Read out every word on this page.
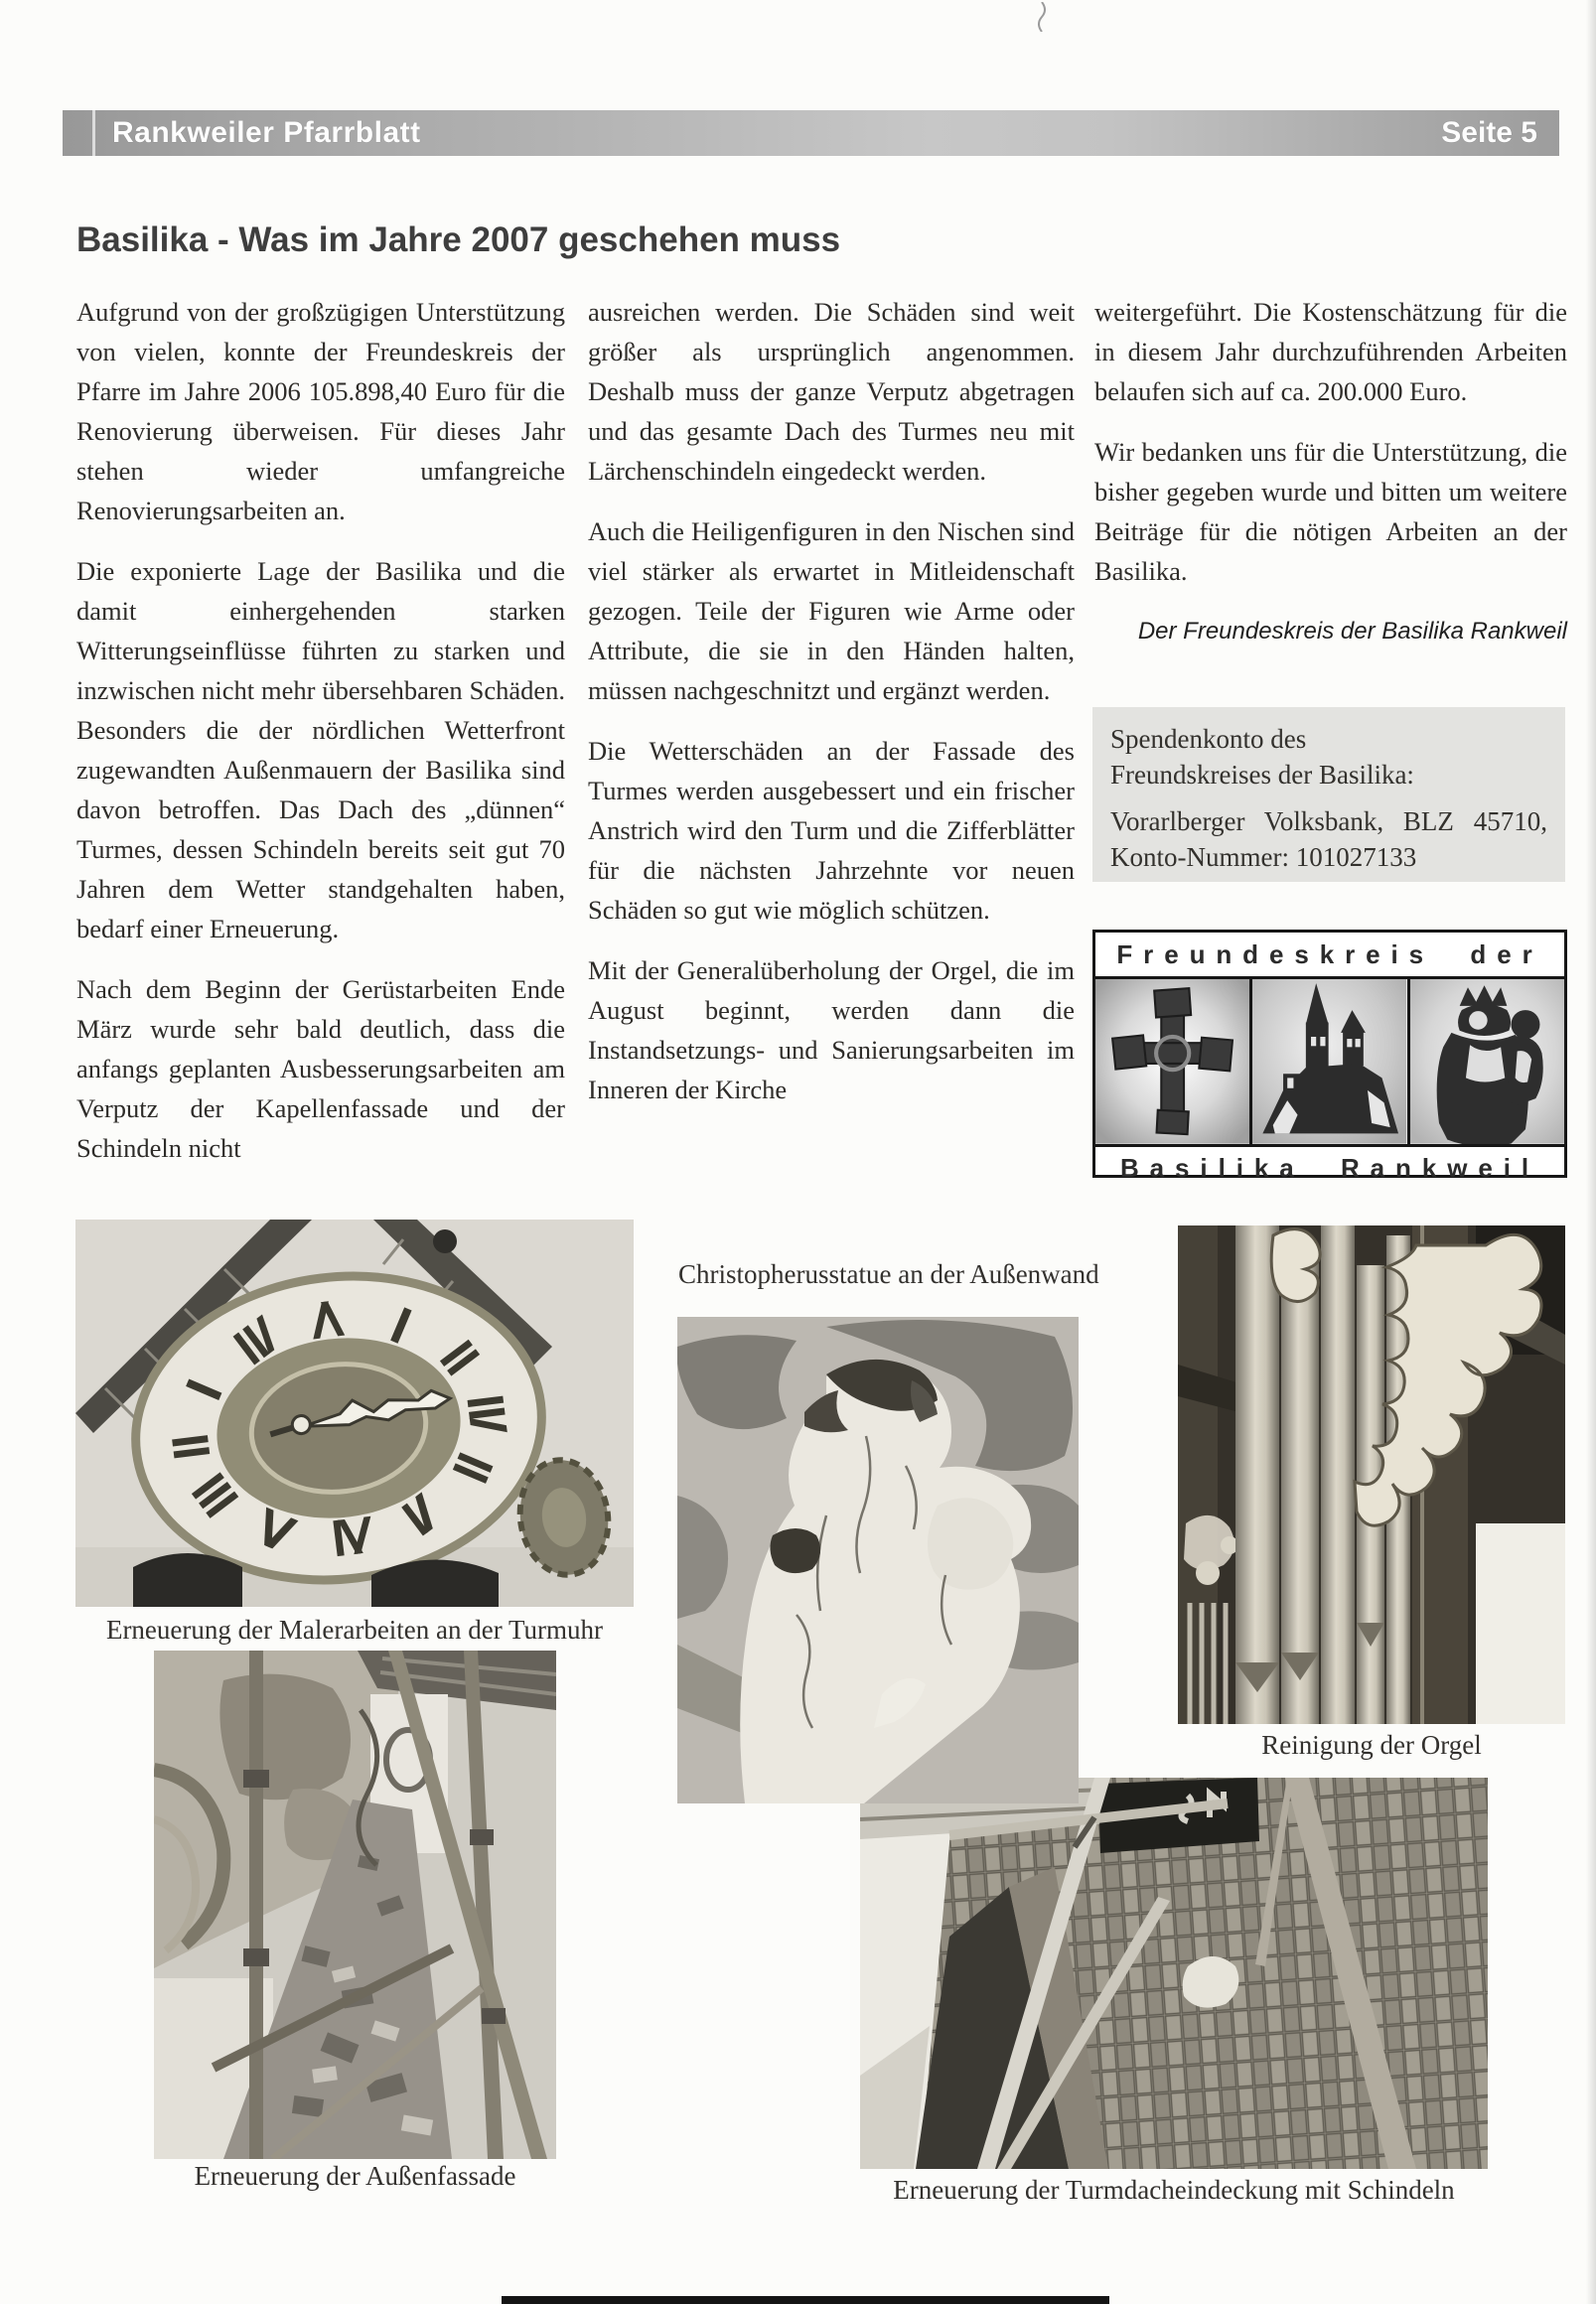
Rankweiler Pfarrblatt	Seite 5
Basilika - Was im Jahre 2007 geschehen muss

Aufgrund von der großzügigen Unterstützung von vielen, konnte der Freundeskreis der Pfarre im Jahre 2006 105.898,40 Euro für die Renovierung überweisen. Für dieses Jahr stehen wieder umfangreiche Renovierungsarbeiten an.

Die exponierte Lage der Basilika und die damit einhergehenden starken Witterungseinflüsse führten zu starken und inzwischen nicht mehr übersehbaren Schäden. Besonders die der nördlichen Wetterfront zugewandten Außenmauern der Basilika sind davon betroffen. Das Dach des „dünnen“ Turmes, dessen Schindeln bereits seit gut 70 Jahren dem Wetter standgehalten haben, bedarf einer Erneuerung.

Nach dem Beginn der Gerüstarbeiten Ende März wurde sehr bald deutlich, dass die anfangs geplanten Ausbesserungsarbeiten am Verputz der Kapellenfassade und der Schindeln nicht

ausreichen werden. Die Schäden sind weit größer als ursprünglich angenommen. Deshalb muss der ganze Verputz abgetragen und das gesamte Dach des Turmes neu mit Lärchenschindeln eingedeckt werden.

Auch die Heiligenfiguren in den Nischen sind viel stärker als erwartet in Mitleidenschaft gezogen. Teile der Figuren wie Arme oder Attribute, die sie in den Händen halten, müssen nachgeschnitzt und ergänzt werden.

Die Wetterschäden an der Fassade des Turmes werden ausgebessert und ein frischer Anstrich wird den Turm und die Zifferblätter für die nächsten Jahrzehnte vor neuen Schäden so gut wie möglich schützen.

Mit der Generalüberholung der Orgel, die im August beginnt, werden dann die Instandsetzungs- und Sanierungsarbeiten im Inneren der Kirche

weitergeführt. Die Kostenschätzung für die in diesem Jahr durchzuführenden Arbeiten belaufen sich auf ca. 200.000 Euro.

Wir bedanken uns für die Unterstützung, die bisher gegeben wurde und bitten um weitere Beiträge für die nötigen Arbeiten an der Basilika.

Der Freundeskreis der Basilika Rankweil
Spendenkonto des
Freundskreises der Basilika:
Vorarlberger Volksbank, BLZ 45710, Konto-Nummer: 101027133
Freundeskreis der
Basilika Rankweil
Erneuerung der Malerarbeiten an der Turmuhr
Christopherusstatue an der Außenwand
Reinigung der Orgel
Erneuerung der Außenfassade	Erneuerung der Turmdacheindeckung mit Schindeln
